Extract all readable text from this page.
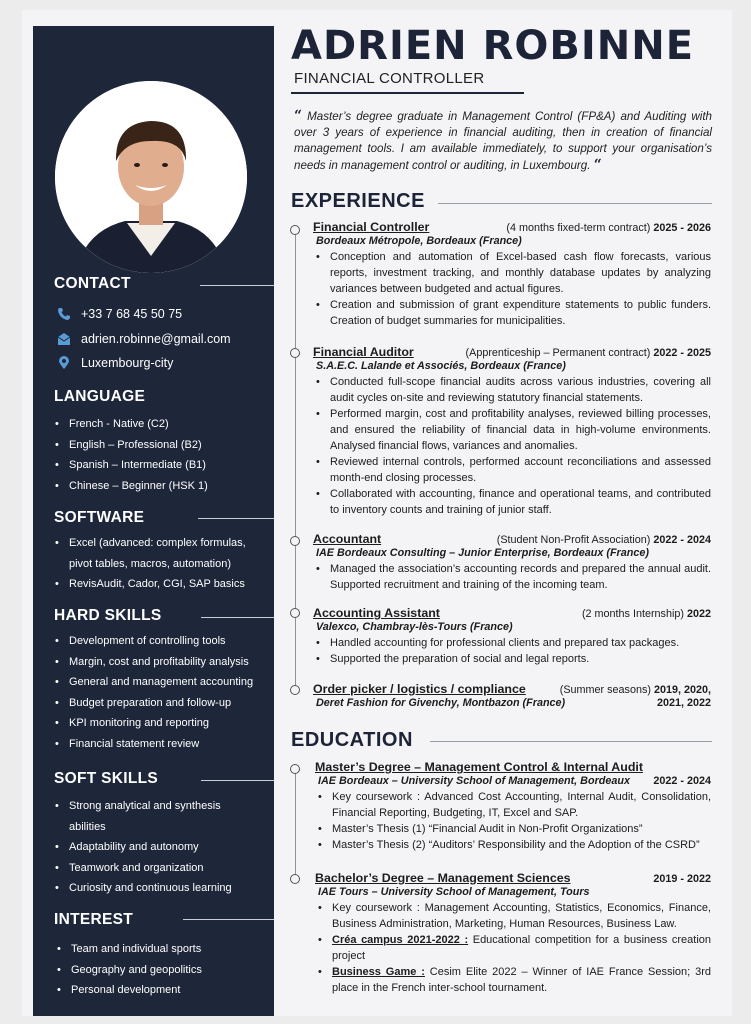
CONTACT
+33 7 68 45 50 75
adrien.robinne@gmail.com
Luxembourg-city
LANGUAGE
• French - Native (C2)
• English – Professional (B2)
• Spanish – Intermediate (B1)
• Chinese – Beginner (HSK 1)
SOFTWARE
• Excel (advanced: complex formulas, pivot tables, macros, automation)
• RevisAudit, Cador, CGI, SAP basics
HARD SKILLS
• Development of controlling tools
• Margin, cost and profitability analysis
• General and management accounting
• Budget preparation and follow-up
• KPI monitoring and reporting
• Financial statement review
SOFT SKILLS
• Strong analytical and synthesis abilities
• Adaptability and autonomy
• Teamwork and organization
• Curiosity and continuous learning
INTEREST
• Team and individual sports
• Geography and geopolitics
• Personal development
ADRIEN ROBINNE
FINANCIAL CONTROLLER
“ Master’s degree graduate in Management Control (FP&A) and Auditing with over 3 years of experience in financial auditing, then in creation of financial management tools. I am available immediately, to support your organisation’s needs in management control or auditing, in Luxembourg. “
EXPERIENCE
Financial Controller	(4 months fixed-term contract) 2025 - 2026
Bordeaux Métropole, Bordeaux (France)
• Conception and automation of Excel-based cash flow forecasts, various reports, investment tracking, and monthly database updates by analyzing variances between budgeted and actual figures.
• Creation and submission of grant expenditure statements to public funders. Creation of budget summaries for municipalities.
Financial Auditor	(Apprenticeship – Permanent contract) 2022 - 2025
S.A.E.C. Lalande et Associés, Bordeaux (France)
• Conducted full-scope financial audits across various industries, covering all audit cycles on-site and reviewing statutory financial statements.
• Performed margin, cost and profitability analyses, reviewed billing processes, and ensured the reliability of financial data in high-volume environments. Analysed financial flows, variances and anomalies.
• Reviewed internal controls, performed account reconciliations and assessed month-end closing processes.
• Collaborated with accounting, finance and operational teams, and contributed to inventory counts and training of junior staff.
Accountant	(Student Non-Profit Association) 2022 - 2024
IAE Bordeaux Consulting – Junior Enterprise, Bordeaux (France)
• Managed the association’s accounting records and prepared the annual audit. Supported recruitment and training of the incoming team.
Accounting Assistant	(2 months Internship) 2022
Valexco, Chambray-lès-Tours (France)
• Handled accounting for professional clients and prepared tax packages.
• Supported the preparation of social and legal reports.
Order picker / logistics / compliance	(Summer seasons) 2019, 2020,
Deret Fashion for Givenchy, Montbazon (France)	2021, 2022
EDUCATION
Master’s Degree – Management Control & Internal Audit
IAE Bordeaux – University School of Management, Bordeaux 2022 - 2024
• Key coursework : Advanced Cost Accounting, Internal Audit, Consolidation, Financial Reporting, Budgeting, IT, Excel and SAP.
• Master’s Thesis (1) “Financial Audit in Non-Profit Organizations”
• Master’s Thesis (2) “Auditors’ Responsibility and the Adoption of the CSRD”
Bachelor’s Degree – Management Sciences	2019 - 2022
IAE Tours – University School of Management, Tours
• Key coursework : Management Accounting, Statistics, Economics, Finance, Business Administration, Marketing, Human Resources, Business Law.
• Créa campus 2021-2022 : Educational competition for a business creation project
• Business Game : Cesim Elite 2022 – Winner of IAE France Session; 3rd place in the French inter-school tournament.
